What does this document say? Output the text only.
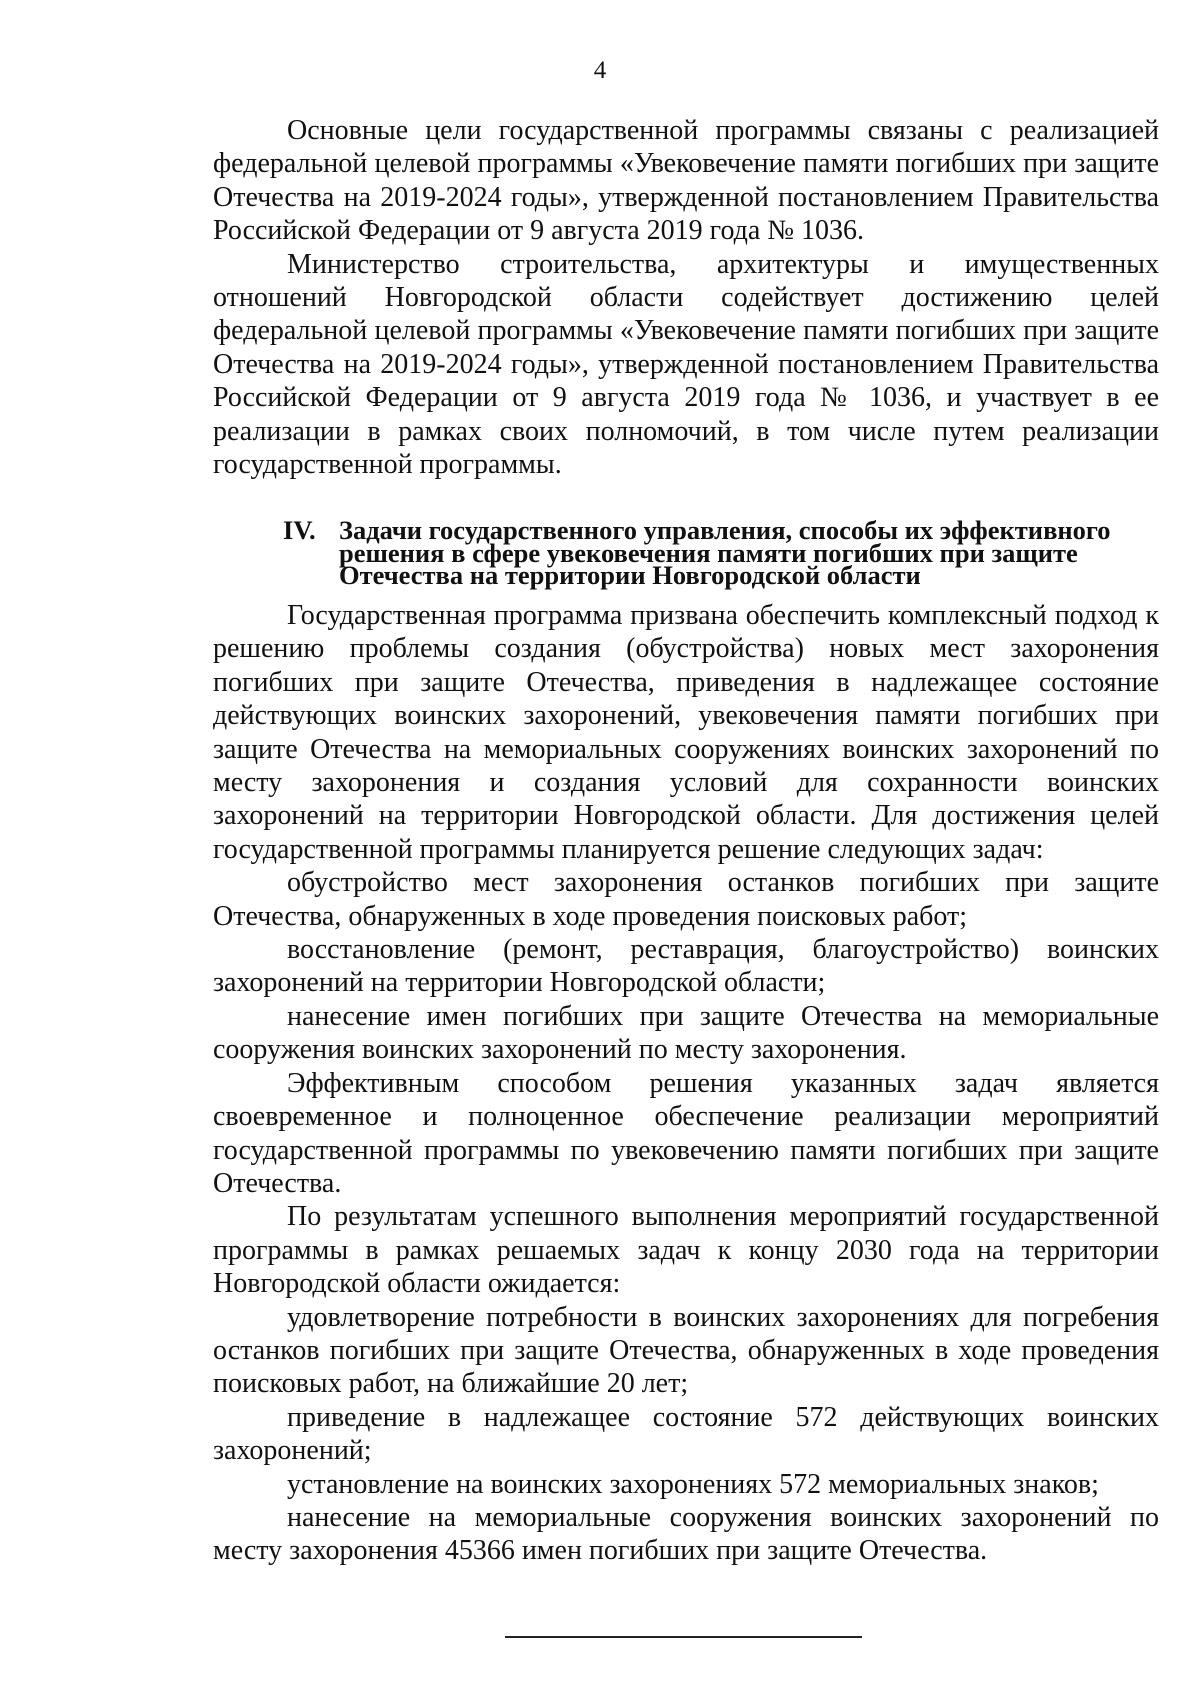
4

Основные цели государственной программы связаны с реализацией федеральной целевой программы «Увековечение памяти погибших при защите Отечества на 2019-2024 годы», утвержденной постановлением Правительства Российской Федерации от 9 августа 2019 года № 1036.

Министерство строительства, архитектуры и имущественных отношений Новгородской области содействует достижению целей федеральной целевой программы «Увековечение памяти погибших при защите Отечества на 2019-2024 годы», утвержденной постановлением Правительства Российской Федерации от 9 августа 2019 года № 1036, и участвует в ее реализации в рамках своих полномочий, в том числе путем реализации государственной программы.

IV. Задачи государственного управления, способы их эффективного
решения в сфере увековечения памяти погибших при защите
Отечества на территории Новгородской области

Государственная программа призвана обеспечить комплексный подход к решению проблемы создания (обустройства) новых мест захоронения погибших при защите Отечества, приведения в надлежащее состояние действующих воинских захоронений, увековечения памяти погибших при защите Отечества на мемориальных сооружениях воинских захоронений по месту захоронения и создания условий для сохранности воинских захоронений на территории Новгородской области. Для достижения целей государственной программы планируется решение следующих задач:

обустройство мест захоронения останков погибших при защите Отечества, обнаруженных в ходе проведения поисковых работ;

восстановление (ремонт, реставрация, благоустройство) воинских захоронений на территории Новгородской области;

нанесение имен погибших при защите Отечества на мемориальные сооружения воинских захоронений по месту захоронения.

Эффективным способом решения указанных задач является своевременное и полноценное обеспечение реализации мероприятий государственной программы по увековечению памяти погибших при защите Отечества.

По результатам успешного выполнения мероприятий государственной программы в рамках решаемых задач к концу 2030 года на территории Новгородской области ожидается:

удовлетворение потребности в воинских захоронениях для погребения останков погибших при защите Отечества, обнаруженных в ходе проведения поисковых работ, на ближайшие 20 лет;

приведение в надлежащее состояние 572 действующих воинских захоронений;

установление на воинских захоронениях 572 мемориальных знаков;

нанесение на мемориальные сооружения воинских захоронений по месту захоронения 45366 имен погибших при защите Отечества.
